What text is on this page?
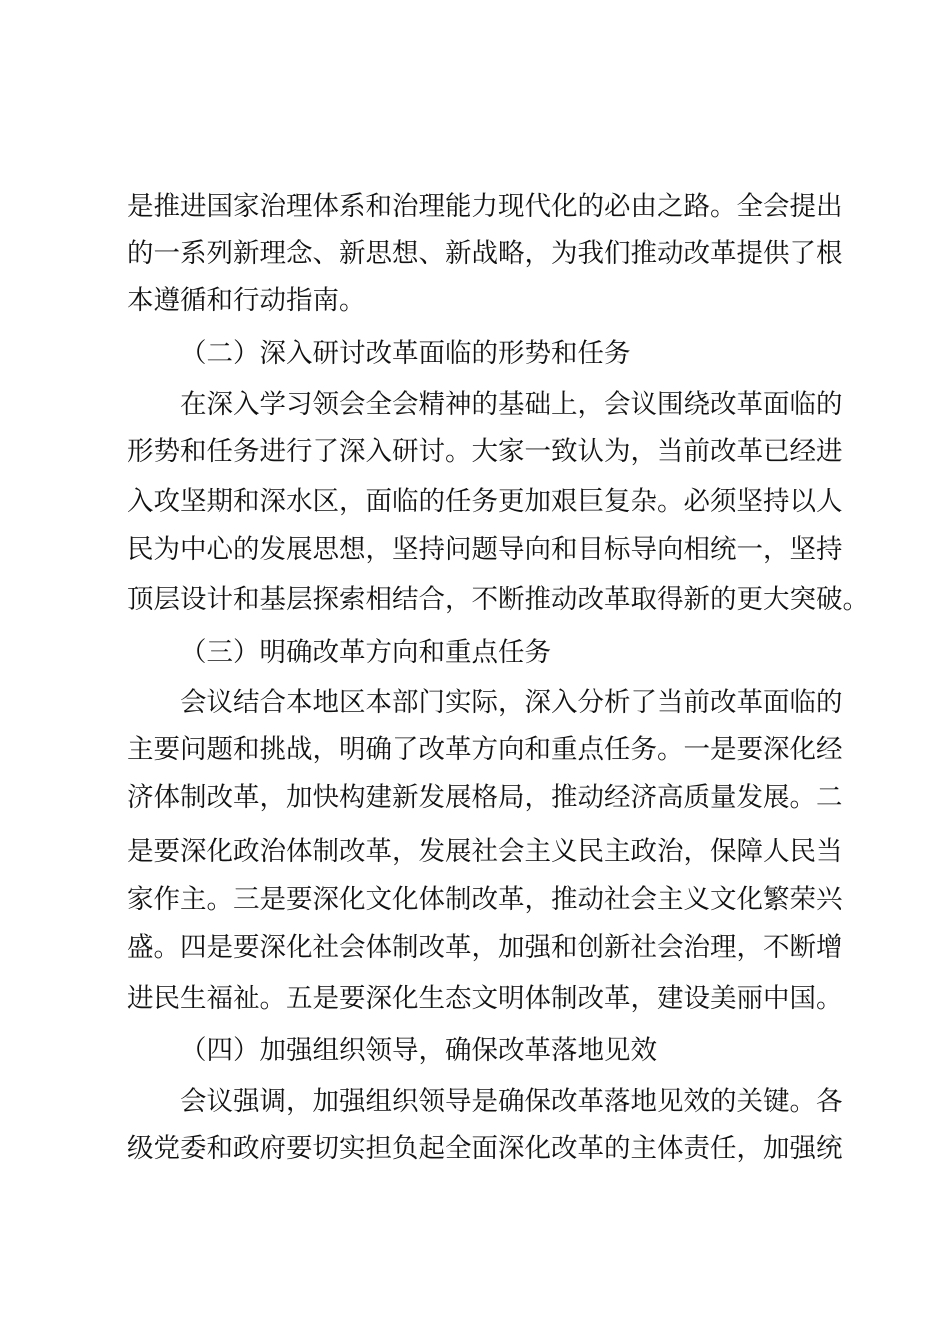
是推进国家治理体系和治理能力现代化的必由之路。全会提出
的一系列新理念、新思想、新战略，为我们推动改革提供了根
本遵循和行动指南。
（二）深入研讨改革面临的形势和任务
在深入学习领会全会精神的基础上，会议围绕改革面临的
形势和任务进行了深入研讨。大家一致认为，当前改革已经进
入攻坚期和深水区，面临的任务更加艰巨复杂。必须坚持以人
民为中心的发展思想，坚持问题导向和目标导向相统一，坚持
顶层设计和基层探索相结合，不断推动改革取得新的更大突破。
（三）明确改革方向和重点任务
会议结合本地区本部门实际，深入分析了当前改革面临的
主要问题和挑战，明确了改革方向和重点任务。一是要深化经
济体制改革，加快构建新发展格局，推动经济高质量发展。二
是要深化政治体制改革，发展社会主义民主政治，保障人民当
家作主。三是要深化文化体制改革，推动社会主义文化繁荣兴
盛。四是要深化社会体制改革，加强和创新社会治理，不断增
进民生福祉。五是要深化生态文明体制改革，建设美丽中国。
（四）加强组织领导，确保改革落地见效
会议强调，加强组织领导是确保改革落地见效的关键。各
级党委和政府要切实担负起全面深化改革的主体责任，加强统
